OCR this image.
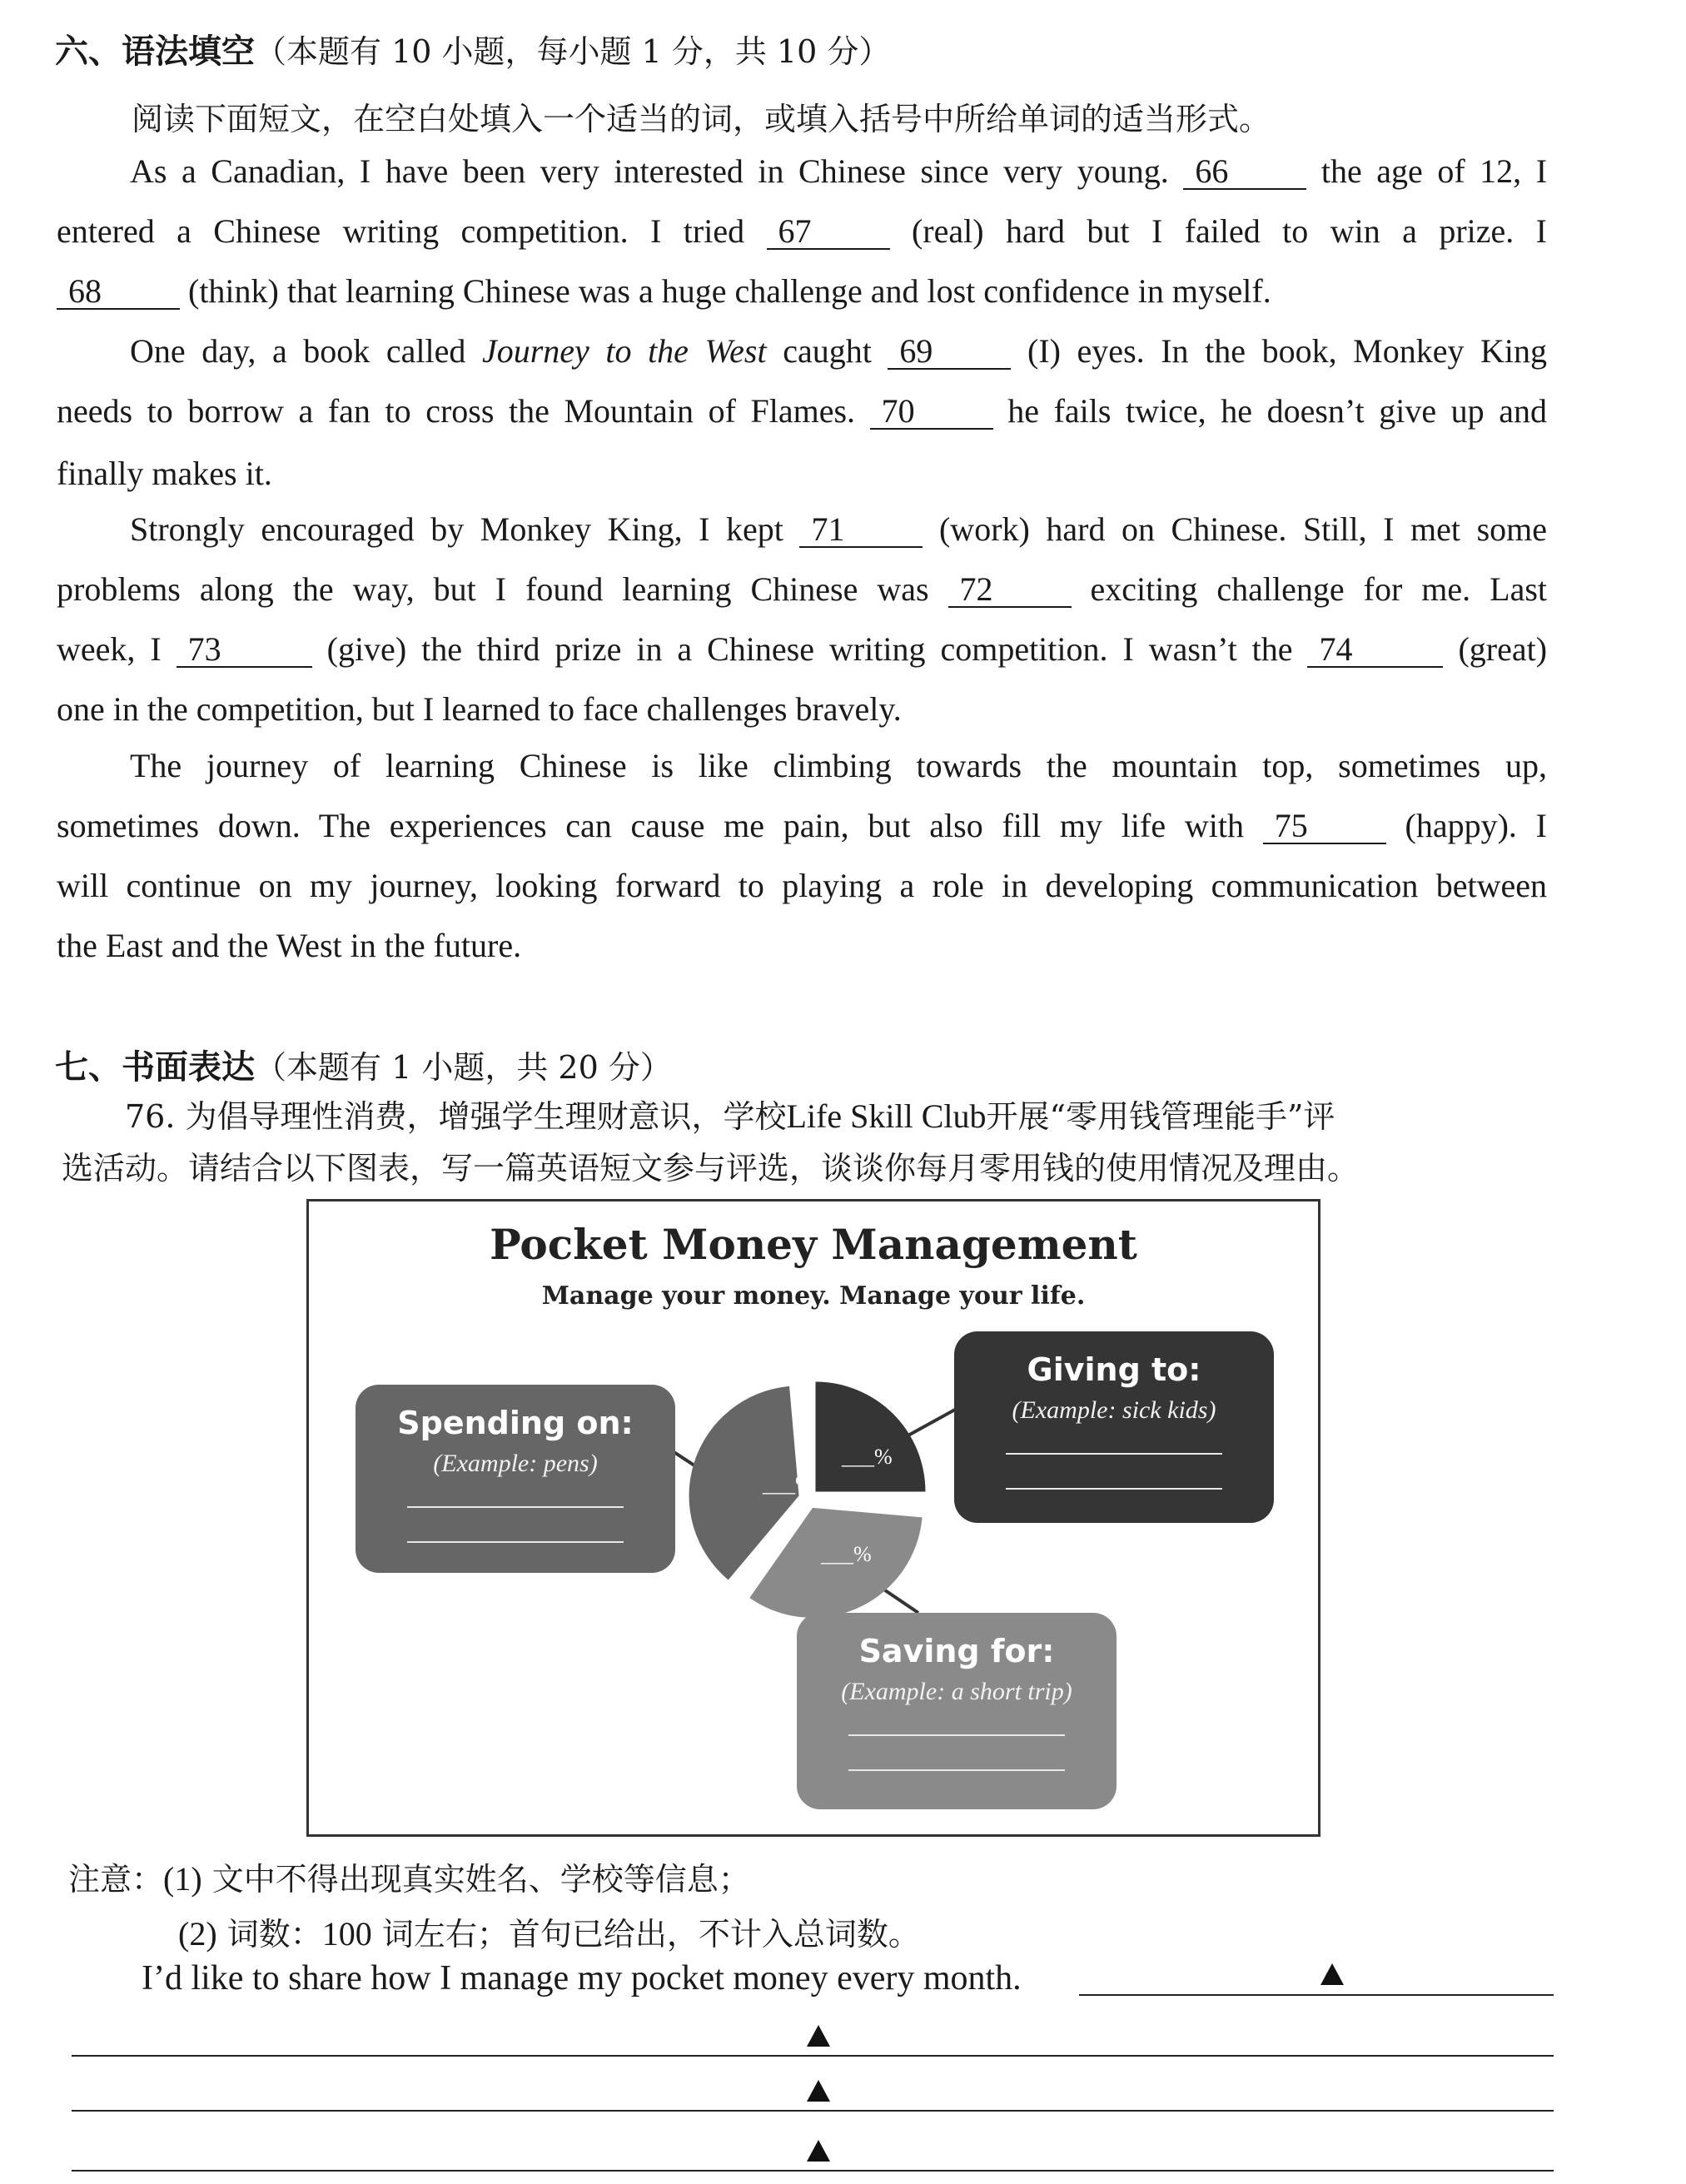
六、语法填空（本题有 10 小题，每小题 1 分，共 10 分）
阅读下面短文，在空白处填入一个适当的词，或填入括号中所给单词的适当形式。
As a Canadian, I have been very interested in Chinese since very young. 66	the age of 12, I
entered a Chinese writing competition. I tried 67	(real) hard but I failed to win a prize. I
68	(think) that learning Chinese was a huge challenge and lost confidence in myself.
One day, a book called Journey to the West caught 69	(I) eyes. In the book, Monkey King
needs to borrow a fan to cross the Mountain of Flames. 70	he fails twice, he doesn’t give up and
finally makes it.
Strongly encouraged by Monkey King, I kept 71	(work) hard on Chinese. Still, I met some
problems along the way, but I found learning Chinese was 72	exciting challenge for me. Last
week, I 73	(give) the third prize in a Chinese writing competition. I wasn’t the 74	(great)
one in the competition, but I learned to face challenges bravely.
The journey of learning Chinese is like climbing towards the mountain top, sometimes up,
sometimes down. The experiences can cause me pain, but also fill my life with 75	(happy). I
will continue on my journey, looking forward to playing a role in developing communication between
the East and the West in the future.
七、书面表达（本题有 1 小题，共 20 分）
76. 为倡导理性消费，增强学生理财意识，学校Life Skill Club开展“零用钱管理能手”评
选活动。请结合以下图表，写一篇英语短文参与评选，谈谈你每月零用钱的使用情况及理由。
Pocket Money Management
Manage your money. Manage your life.
___%
___%
___%
Spending on:
(Example: pens)
Giving to:
(Example: sick kids)
Saving for:
(Example: a short trip)
注意：(1) 文中不得出现真实姓名、学校等信息；
(2) 词数：100 词左右；首句已给出，不计入总词数。
I’d like to share how I manage my pocket money every month.
